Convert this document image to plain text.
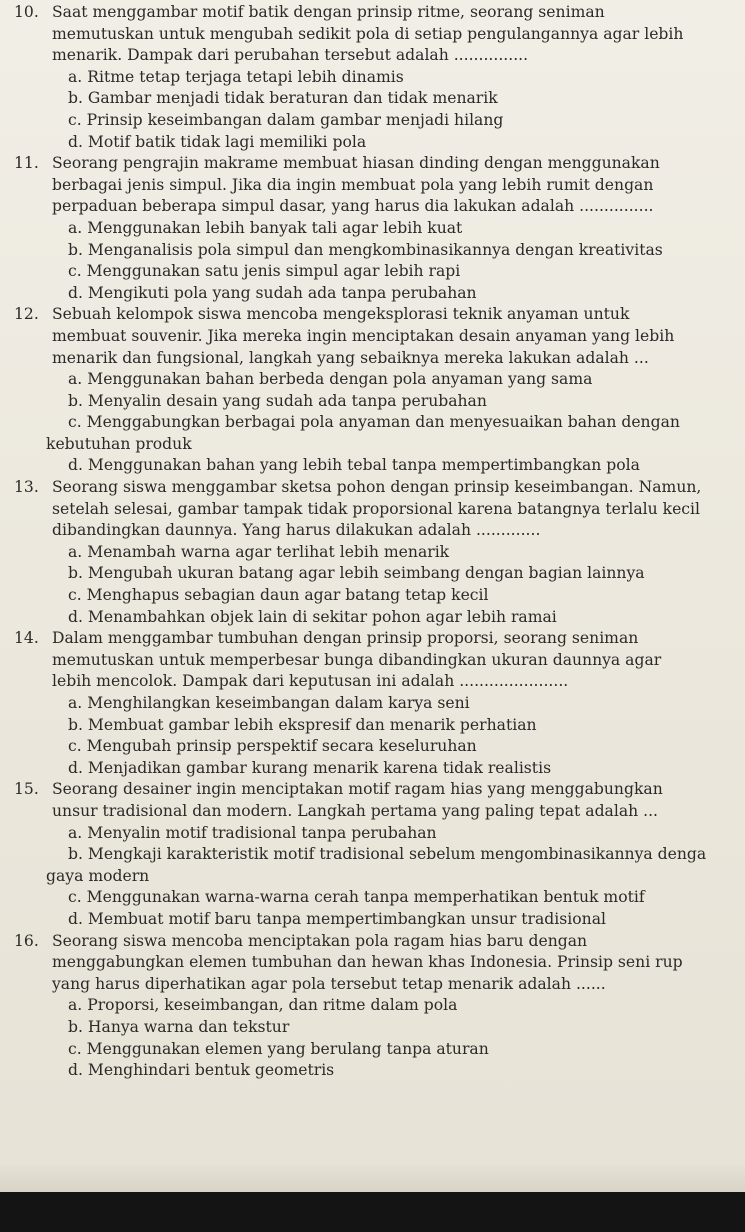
10. Saat menggambar motif batik dengan prinsip ritme, seorang seniman
memutuskan untuk mengubah sedikit pola di setiap pengulangannya agar lebih
menarik. Dampak dari perubahan tersebut adalah ...............
a. Ritme tetap terjaga tetapi lebih dinamis
b. Gambar menjadi tidak beraturan dan tidak menarik
c. Prinsip keseimbangan dalam gambar menjadi hilang
d. Motif batik tidak lagi memiliki pola
11. Seorang pengrajin makrame membuat hiasan dinding dengan menggunakan
berbagai jenis simpul. Jika dia ingin membuat pola yang lebih rumit dengan
perpaduan beberapa simpul dasar, yang harus dia lakukan adalah ...............
a. Menggunakan lebih banyak tali agar lebih kuat
b. Menganalisis pola simpul dan mengkombinasikannya dengan kreativitas
c. Menggunakan satu jenis simpul agar lebih rapi
d. Mengikuti pola yang sudah ada tanpa perubahan
12. Sebuah kelompok siswa mencoba mengeksplorasi teknik anyaman untuk
membuat souvenir. Jika mereka ingin menciptakan desain anyaman yang lebih
menarik dan fungsional, langkah yang sebaiknya mereka lakukan adalah ...
a. Menggunakan bahan berbeda dengan pola anyaman yang sama
b. Menyalin desain yang sudah ada tanpa perubahan
c. Menggabungkan berbagai pola anyaman dan menyesuaikan bahan dengan
kebutuhan produk
d. Menggunakan bahan yang lebih tebal tanpa mempertimbangkan pola
13. Seorang siswa menggambar sketsa pohon dengan prinsip keseimbangan. Namun,
setelah selesai, gambar tampak tidak proporsional karena batangnya terlalu kecil
dibandingkan daunnya. Yang harus dilakukan adalah .............
a. Menambah warna agar terlihat lebih menarik
b. Mengubah ukuran batang agar lebih seimbang dengan bagian lainnya
c. Menghapus sebagian daun agar batang tetap kecil
d. Menambahkan objek lain di sekitar pohon agar lebih ramai
14. Dalam menggambar tumbuhan dengan prinsip proporsi, seorang seniman
memutuskan untuk memperbesar bunga dibandingkan ukuran daunnya agar
lebih mencolok. Dampak dari keputusan ini adalah ......................
a. Menghilangkan keseimbangan dalam karya seni
b. Membuat gambar lebih ekspresif dan menarik perhatian
c. Mengubah prinsip perspektif secara keseluruhan
d. Menjadikan gambar kurang menarik karena tidak realistis
15. Seorang desainer ingin menciptakan motif ragam hias yang menggabungkan
unsur tradisional dan modern. Langkah pertama yang paling tepat adalah ...
a. Menyalin motif tradisional tanpa perubahan
b. Mengkaji karakteristik motif tradisional sebelum mengombinasikannya denga
gaya modern
c. Menggunakan warna-warna cerah tanpa memperhatikan bentuk motif
d. Membuat motif baru tanpa mempertimbangkan unsur tradisional
16. Seorang siswa mencoba menciptakan pola ragam hias baru dengan
menggabungkan elemen tumbuhan dan hewan khas Indonesia. Prinsip seni rup
yang harus diperhatikan agar pola tersebut tetap menarik adalah ......
a. Proporsi, keseimbangan, dan ritme dalam pola
b. Hanya warna dan tekstur
c. Menggunakan elemen yang berulang tanpa aturan
d. Menghindari bentuk geometris
